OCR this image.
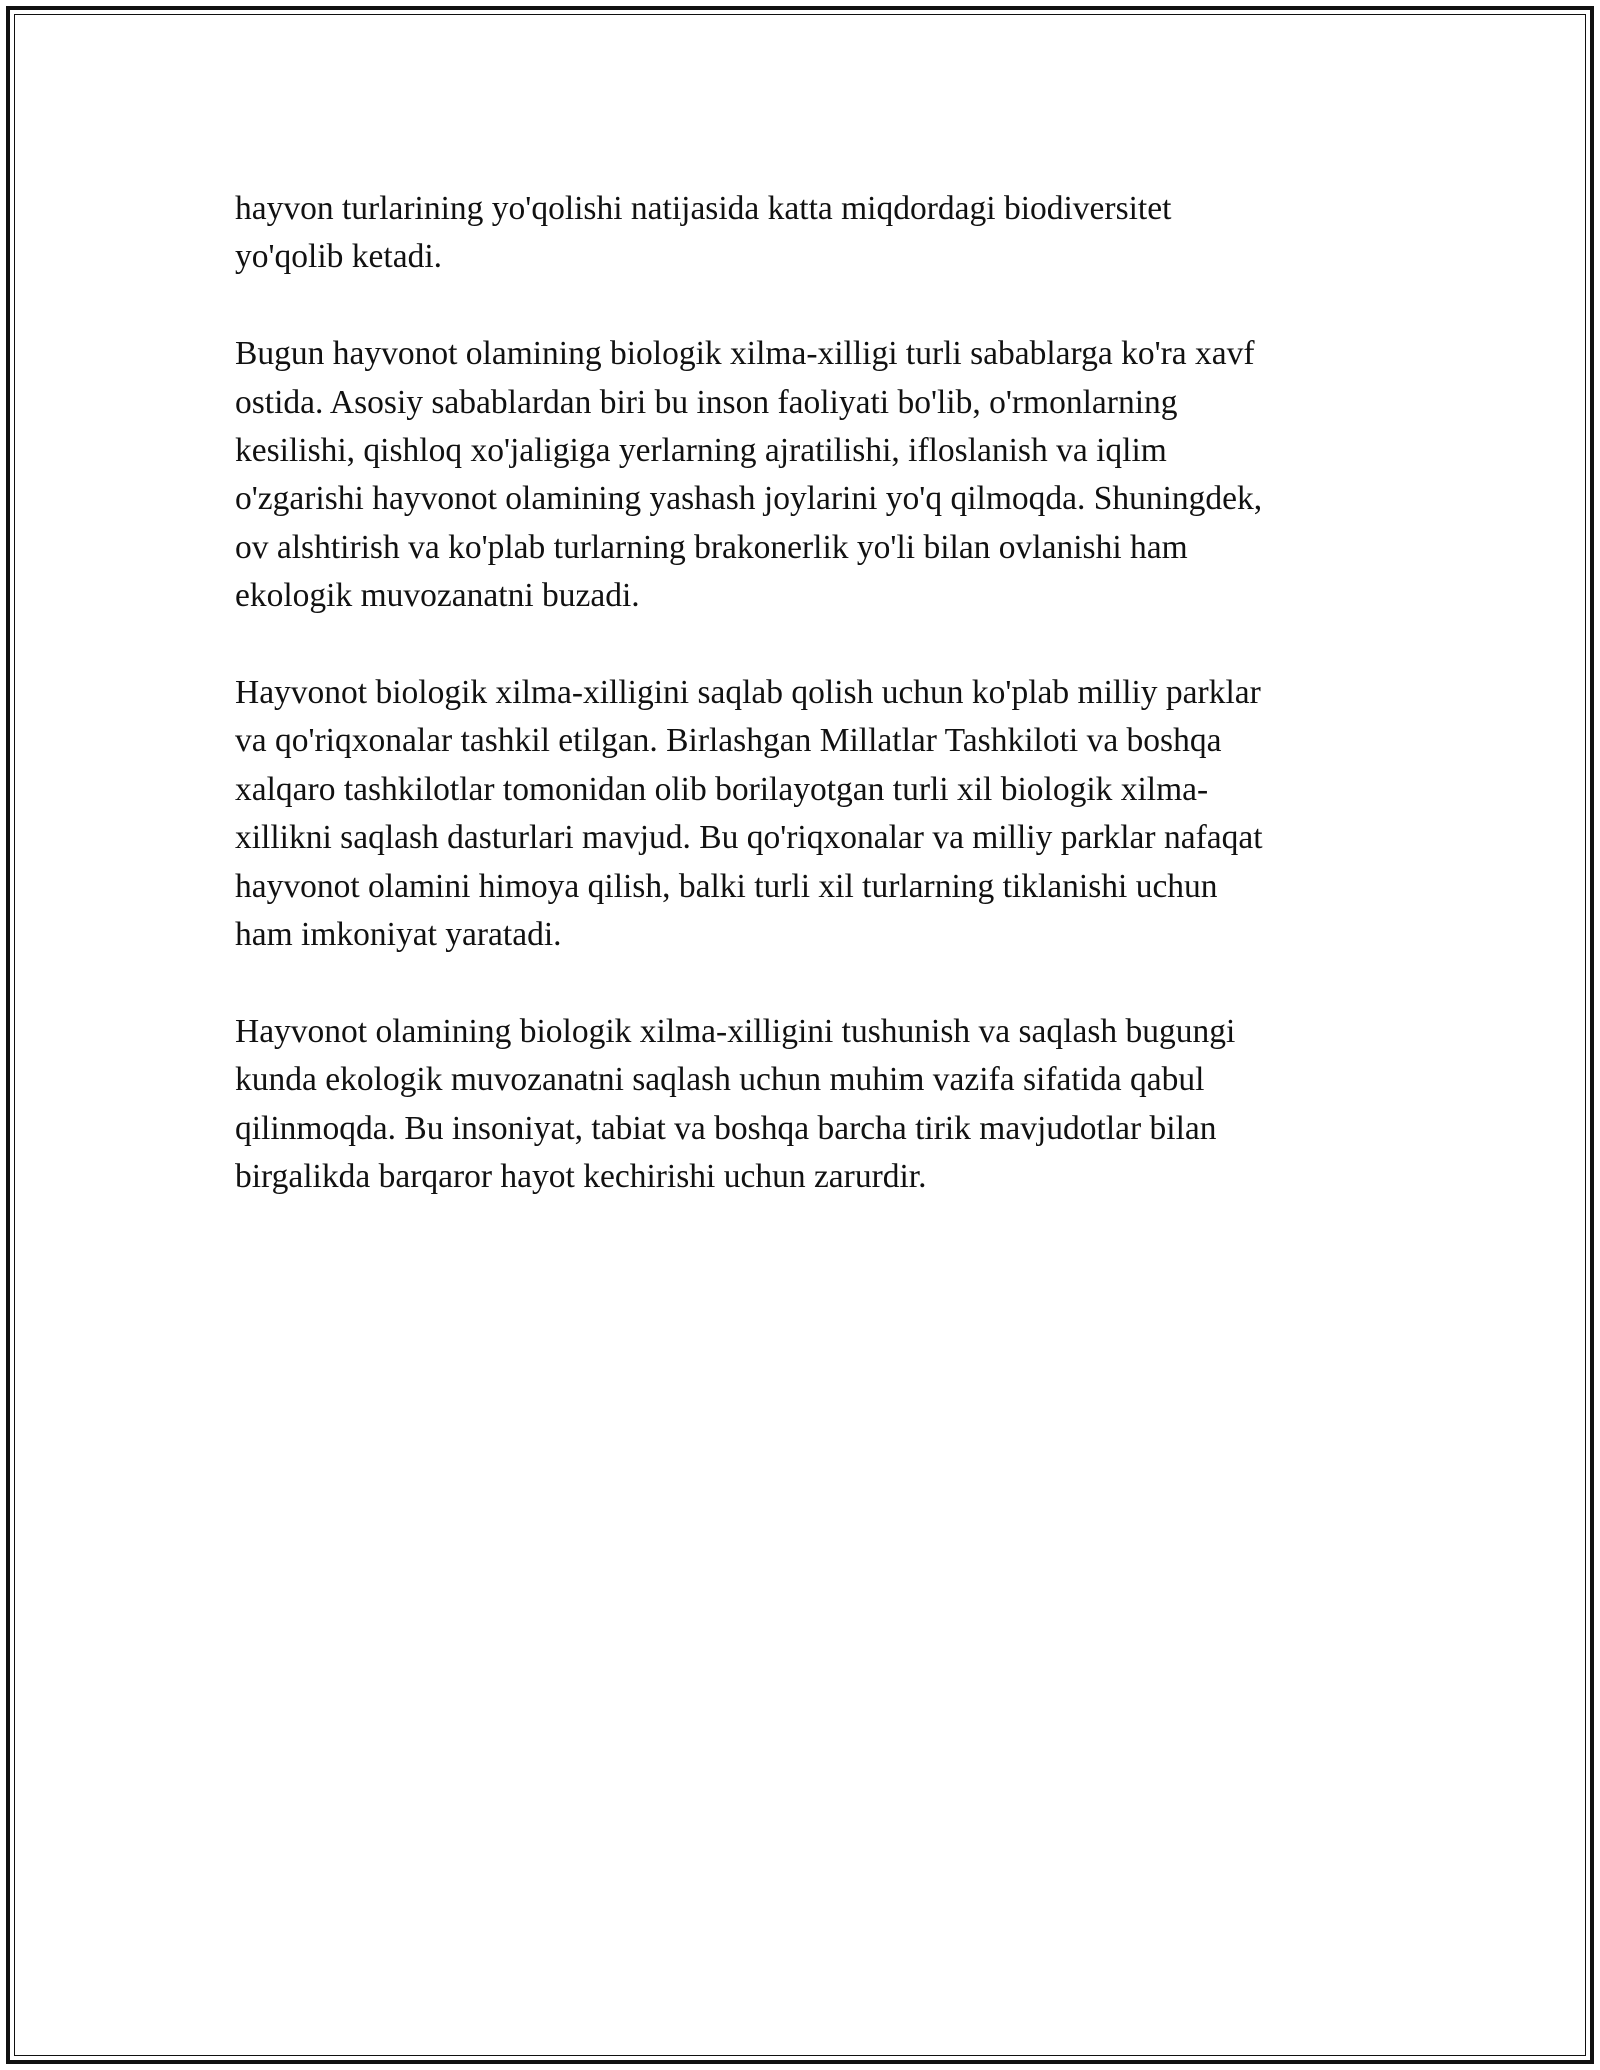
hayvon turlarining yo'qolishi natijasida katta miqdordagi biodiversitet
yo'qolib ketadi.

Bugun hayvonot olamining biologik xilma-xilligi turli sabablarga ko'ra xavf
ostida. Asosiy sabablardan biri bu inson faoliyati bo'lib, o'rmonlarning
kesilishi, qishloq xo'jaligiga yerlarning ajratilishi, ifloslanish va iqlim
o'zgarishi hayvonot olamining yashash joylarini yo'q qilmoqda. Shuningdek,
ov alshtirish va ko'plab turlarning brakonerlik yo'li bilan ovlanishi ham
ekologik muvozanatni buzadi.

Hayvonot biologik xilma-xilligini saqlab qolish uchun ko'plab milliy parklar
va qo'riqxonalar tashkil etilgan. Birlashgan Millatlar Tashkiloti va boshqa
xalqaro tashkilotlar tomonidan olib borilayotgan turli xil biologik xilma-
xillikni saqlash dasturlari mavjud. Bu qo'riqxonalar va milliy parklar nafaqat
hayvonot olamini himoya qilish, balki turli xil turlarning tiklanishi uchun
ham imkoniyat yaratadi.

Hayvonot olamining biologik xilma-xilligini tushunish va saqlash bugungi
kunda ekologik muvozanatni saqlash uchun muhim vazifa sifatida qabul
qilinmoqda. Bu insoniyat, tabiat va boshqa barcha tirik mavjudotlar bilan
birgalikda barqaror hayot kechirishi uchun zarurdir.
